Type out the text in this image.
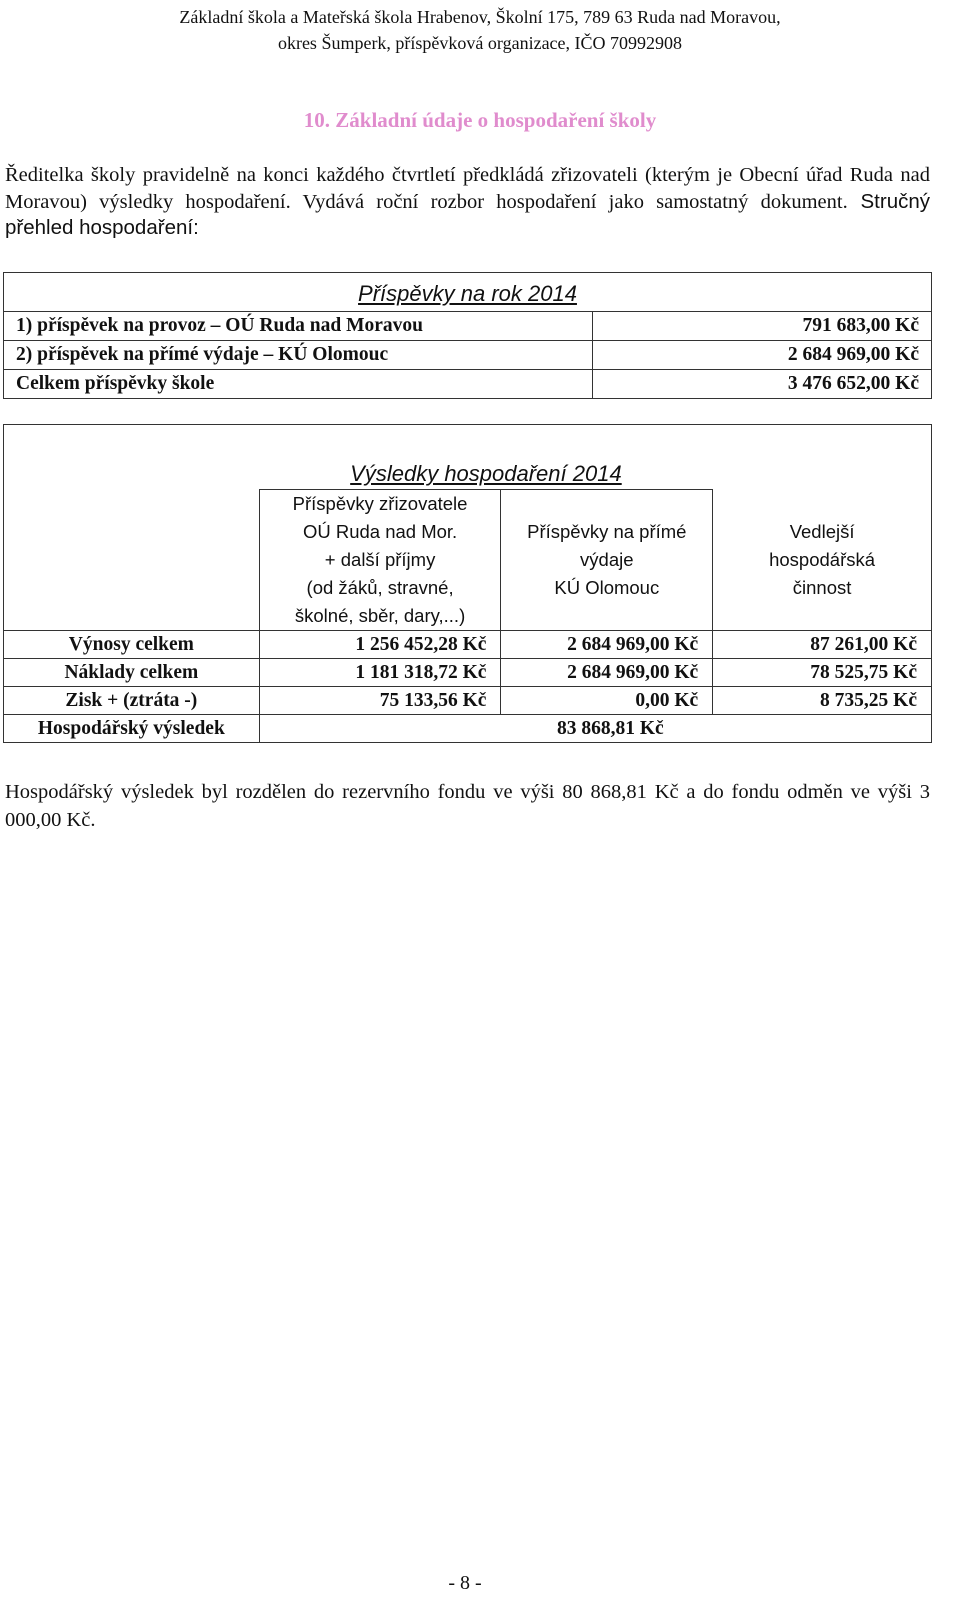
Základní škola a Mateřská škola Hrabenov, Školní 175, 789 63 Ruda nad Moravou,
okres Šumperk, příspěvková organizace, IČO 70992908
10. Základní údaje o hospodaření školy
Ředitelka školy pravidelně na konci každého čtvrtletí předkládá zřizovateli (kterým je Obecní úřad Ruda nad Moravou) výsledky hospodaření. Vydává roční rozbor hospodaření jako samostatný dokument. Stručný přehled hospodaření:
Příspěvky na rok 2014	
1) příspěvek na provoz – OÚ Ruda nad Moravou	791 683,00 Kč
2) příspěvek na přímé výdaje – KÚ Olomouc	2 684 969,00 Kč
Celkem příspěvky škole	3 476 652,00 Kč
	Výsledky hospodaření 2014		

	Příspěvky zřizovatele
OÚ Ruda nad Mor.
+ další příjmy
(od žáků, stravné,
školné, sběr, dary,...)	Příspěvky na přímé
výdaje
KÚ Olomouc	Vedlejší
hospodářská
činnost

Výnosy celkem	1 256 452,28 Kč	2 684 969,00 Kč	87 261,00 Kč
Náklady celkem	1 181 318,72 Kč	2 684 969,00 Kč	78 525,75 Kč
Zisk + (ztráta -)	75 133,56 Kč	0,00 Kč	8 735,25 Kč
Hospodářský výsledek	83 868,81 Kč		
Hospodářský výsledek byl rozdělen do rezervního fondu ve výši 80 868,81 Kč a do fondu odměn ve výši 3 000,00 Kč.
- 8 -
